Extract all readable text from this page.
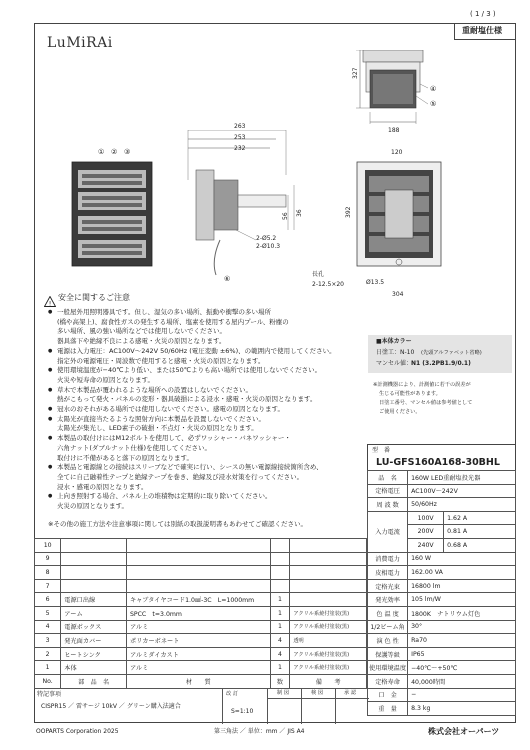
( 1 / 3 )
重耐塩仕様
LuMiRAi
327
④
⑤
188
263
253
232
56 36
2-Ø5.2
2-Ø10.3
⑥
① ② ③	120
392
長孔
2-12.5×20	Ø13.5
304
!
安全に関するご注意
● 一般屋外用照明器具です。但し、湿気の多い場所、振動や衝撃の多い場所
(橋や高架上)、腐食性ガスの発生する場所、塩素を使用する屋内プール、粉塵の
多い場所、風の強い場所などでは使用しないでください。
器具落下や絶縁不良による感電・火災の原因となります。
● 電源は入力電圧：AC100V〜242V 50/60Hz (電圧変動 ±6%)、の範囲内で使用してください。
指定外の電源電圧・周波数で使用すると感電・火災の原因となります。
● 使用環境温度が−40℃より低い、または50℃よりも高い場所では使用しないでください。
火災や短寿命の原因となります。
● 草木で本製品が覆われるような場所への設置はしないでください。
熱がこもって発火・パネルの変形・器具破損による浸水・感電・火災の原因となります。
● 冠水のおそれがある場所では使用しないでください。感電の原因となります。
● 太陽光が直接当たるような照射方向に本製品を設置しないでください。
太陽光が集光し、LED素子の破損・不点灯・火災の原因となります。
● 本製品の取付けにはM12ボルトを使用して、必ずワッシャー・バネワッシャー・
六角ナット(ダブルナット仕様)を使用してください。
取付けに不備があると落下の原因となります。
● 本製品と電源線との接続はスリーブなどで確実に行い、シースの無い電源線接続箇所含め、
全てに自己融着性テープと絶縁テープを巻き、絶縁及び浸水対策を行ってください。
浸水・感電の原因となります。
● 上向き照射する場合、パネル上の堆積物は定期的に取り除いてください。
火災の原因となります。
※その他の施工方法や注意事項に関しては別紙の取扱説明書もあわせてご確認ください。
■本体カラー
日塗工：N-10 (先頭アルファベット省略)
マンセル値：
N1 (3.2PB1.9/0.1)
※計測機器により、計測値に若干の誤差が
生じる可能性があります。
日塗工番号、マンセル値は参考値として
ご使用ください。
型　番
LU-GFS160A168-30BHL
品　名	160W LED重耐塩投光器	
定格電圧	AC100V〜242V	
周 波 数	50/60Hz	
入力電流	100V	1.62 A
	200V	0.81 A
	240V	0.68 A
消費電力	160 W	
皮相電力	162.00 VA	
定格光束	16800 lm	
発光効率	105 lm/W	
色 温 度	1800K　ナトリウム灯色	
1/2ビーム角	30°	
演 色 性	Ra70	
保護等級	IP65	
使用環境温度	−40℃〜+50℃	
定格寿命	40,000時間	
口　金	−	
重　量	8.3 kg	
10				
9				
8				
7				
6	電源口出線	キャブタイヤコード1.0㎟-3C　L=1000mm	1	
5	アーム	SPCC　t=3.0mm	1	アクリル系焼付塗装(黒)
4	電源ボックス	アルミ	1	アクリル系焼付塗装(黒)
3	発光面カバー	ポリカーボネート	4	透明
2	ヒートシンク	アルミダイカスト	4	アクリル系焼付塗装(黒)
1	本体	アルミ	1	アクリル系焼付塗装(黒)
No.	部　品　名	材　　質	数	備　　考
特記事項
CISPR15 ／ 雷サージ 10kV ／ グリーン購入法適合
改 訂
S=1:10
制 図	検 図	承 認
OOPARTS Corporation 2025	第三角法 ／ 単位：mm ／ JIS A4	株式会社オーパーツ
